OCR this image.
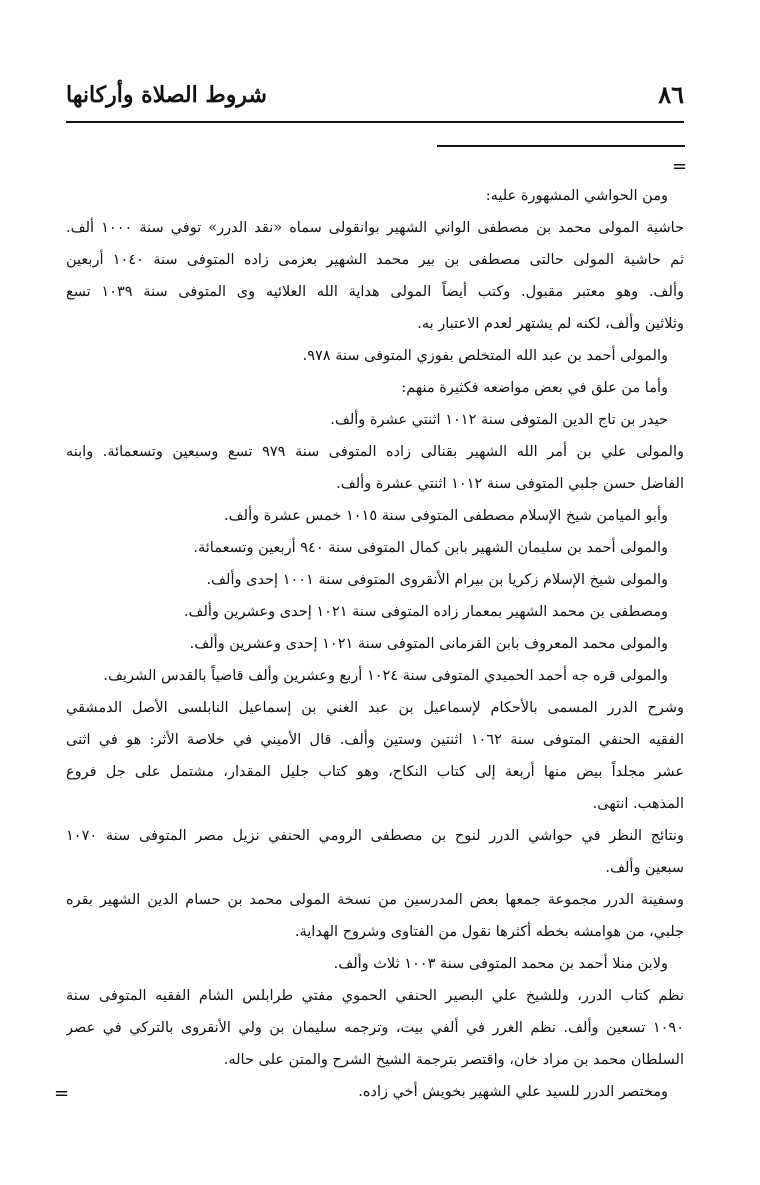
٨٦
شروط الصلاة وأركانها
=
ومن الحواشي المشهورة عليه:
حاشية المولى محمد بن مصطفى الواني الشهير بوانقولى سماه «نقد الدرر» توفي سنة ١٠٠٠ ألف.
ثم حاشية المولى حالتى مصطفى بن بير محمد الشهير بعزمى زاده المتوفى سنة ١٠٤٠ أربعين
وألف. وهو معتبر مقبول. وكتب أيضاً المولى هداية الله العلائيه وى المتوفى سنة ١٠٣٩ تسع
وثلاثين وألف، لكنه لم يشتهر لعدم الاعتبار به.
والمولى أحمد بن عبد الله المتخلص بفوزي المتوفى سنة ٩٧٨.
وأما من علق في بعض مواضعه فكثيرة منهم:
حيدر بن تاج الدين المتوفى سنة ١٠١٢ اثنتي عشرة وألف.
والمولى علي بن أمر الله الشهير بقنالى زاده المتوفى سنة ٩٧٩ تسع وسبعين وتسعمائة. وابنه
الفاضل حسن جلبي المتوفى سنة ١٠١٢ اثنتي عشرة وألف.
وأبو الميامن شيخ الإسلام مصطفى المتوفى سنة ١٠١٥ خمس عشرة وألف.
والمولى أحمد بن سليمان الشهير بابن كمال المتوفى سنة ٩٤٠ أربعين وتسعمائة.
والمولى شيخ الإسلام زكريا بن بيرام الأنقروى المتوفى سنة ١٠٠١ إحدى وألف.
ومصطفى بن محمد الشهير بمعمار زاده المتوفى سنة ١٠٢١ إحدى وعشرين وألف.
والمولى محمد المعروف بابن القرمانى المتوفى سنة ١٠٢١ إحدى وعشرين وألف.
والمولى قره جه أحمد الحميدي المتوفى سنة ١٠٢٤ أربع وعشرين وألف قاضياً بالقدس الشريف.
وشرح الدرر المسمى بالأحكام لإسماعيل بن عبد الغني بن إسماعيل النابلسى الأصل الدمشقي
الفقيه الحنفي المتوفى سنة ١٠٦٢ اثنتين وستين وألف. قال الأميني في خلاصة الأثر: هو في اثنى
عشر مجلداً بيض منها أربعة إلى كتاب النكاح، وهو كتاب جليل المقدار، مشتمل على جل فروع
المذهب. انتهى.
ونتائج النظر في حواشي الدرر لنوح بن مصطفى الرومي الحنفي نزيل مصر المتوفى سنة ١٠٧٠
سبعين وألف.
وسفينة الدرر مجموعة جمعها بعض المدرسين من نسخة المولى محمد بن حسام الدين الشهير بقره
جلبي، من هوامشه بخطه أكثرها نقول من الفتاوى وشروح الهداية.
ولابن منلا أحمد بن محمد المتوفى سنة ١٠٠٣ ثلاث وألف.
نظم كتاب الدرر، وللشيخ علي البصير الحنفي الحموي مفتي طرابلس الشام الفقيه المتوفى سنة
١٠٩٠ تسعين وألف. نظم الغرر في ألفي بيت، وترجمه سليمان بن ولي الأنقروى بالتركي في عصر
السلطان محمد بن مراد خان، واقتصر بترجمة الشيخ الشرح والمتن على حاله.
ومختصر الدرر للسيد علي الشهير بخويش أخي زاده.
=
